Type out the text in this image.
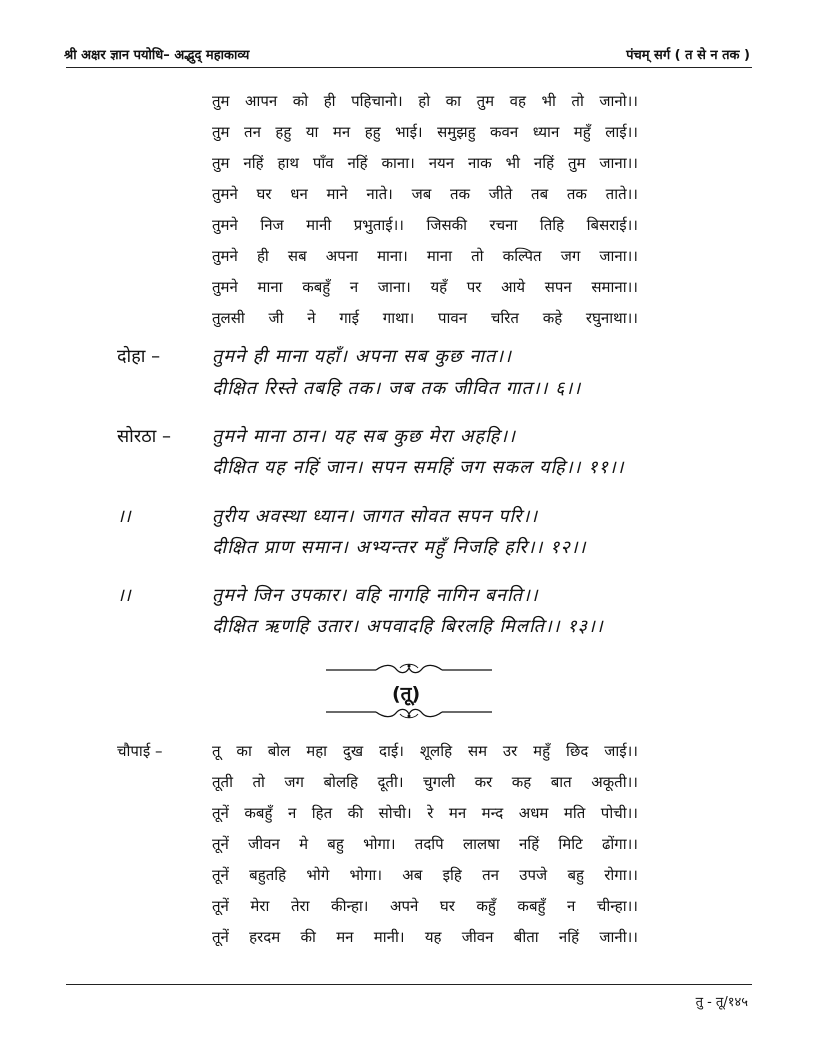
श्री अक्षर ज्ञान पयोधि– अद्भुद् महाकाव्य	पंचम् सर्ग ( त से न तक )
तुम आपन को ही पहिचानो। हो का तुम वह भी तो जानो।।
तुम तन हहु या मन हहु भाई। समुझहु कवन ध्यान महुँ लाई।।
तुम नहिं हाथ पाँव नहिं काना। नयन नाक भी नहिं तुम जाना।।
तुमने घर धन माने नाते। जब तक जीते तब तक ताते।।
तुमने निज मानी प्रभुताई।। जिसकी रचना तिहि बिसराई।।
तुमने ही सब अपना माना। माना तो कल्पित जग जाना।।
तुमने माना कबहुँ न जाना। यहँ पर आये सपन समाना।।
तुलसी जी ने गाई गाथा। पावन चरित कहे रघुनाथा।।
दोहा –	तुमने ही माना यहाँ। अपना सब कुछ नात।।
दीक्षित रिस्ते तबहि तक। जब तक जीवित गात।। ६।।
सोरठा – तुमने माना ठान। यह सब कुछ मेरा अहहि।।
दीक्षित यह नहिं जान। सपन समहिं जग सकल यहि।। ११।।
।।	तुरीय अवस्था ध्यान। जागत सोवत सपन परि।।
दीक्षित प्राण समान। अभ्यन्तर महुँ निजहि हरि।। १२।।
।।	तुमने जिन उपकार। वहि नागहि नागिन बनति।।
दीक्षित ऋणहि उतार। अपवादहि बिरलहि मिलति।। १३।।
(तू)
चौपाई –	तू का बोल महा दुख दाई। शूलहि सम उर महुँ छिद जाई।।
तूती तो जग बोलहि दूती। चुगली कर कह बात अकूती।।
तूनें कबहुँ न हित की सोची। रे मन मन्द अधम मति पोची।।
तूनें जीवन मे बहु भोगा। तदपि लालषा नहिं मिटि ढोंगा।।
तूनें बहुतहि भोगे भोगा। अब इहि तन उपजे बहु रोगा।।
तूनें मेरा तेरा कीन्हा। अपने घर कहुँ कबहुँ न चीन्हा।।
तूनें हरदम की मन मानी। यह जीवन बीता नहिं जानी।।
तु - तू/१४५
